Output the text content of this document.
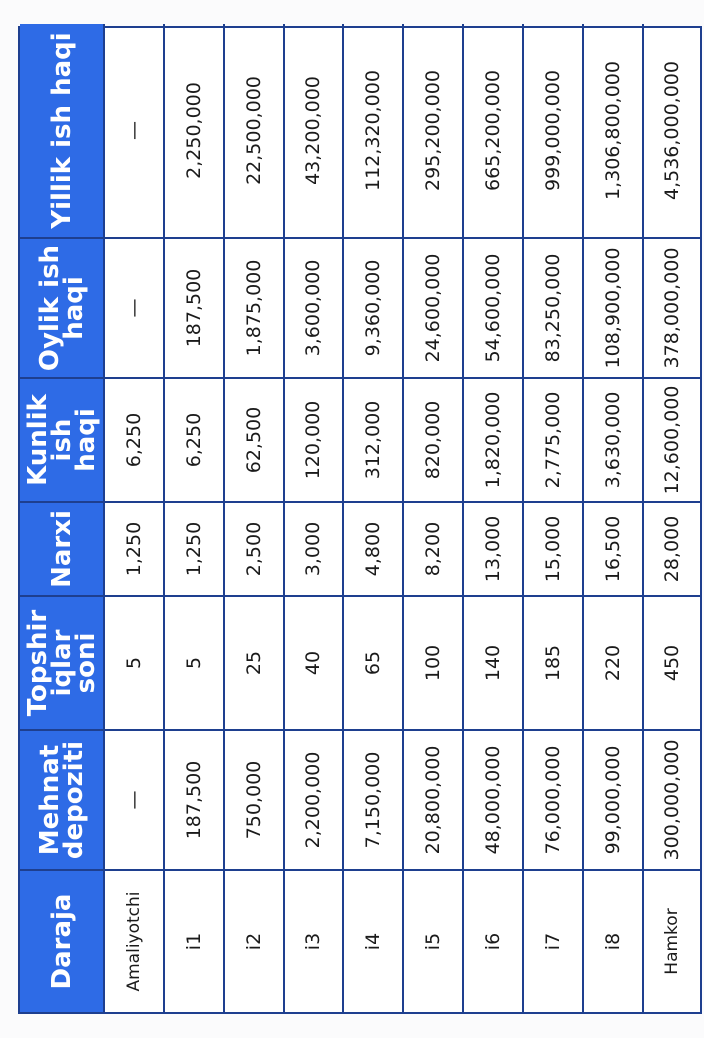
Daraja	Mehnat depoziti	Topshir iqlar soni	Narxi	Kunlik ish haqi	Oylik ish haqi	Yillik ish haqi
Amaliyotchi	—	5	1,250	6,250	—	—
i1	187,500	5	1,250	6,250	187,500	2,250,000
i2	750,000	25	2,500	62,500	1,875,000	22,500,000
i3	2,200,000	40	3,000	120,000	3,600,000	43,200,000
i4	7,150,000	65	4,800	312,000	9,360,000	112,320,000
i5	20,800,000	100	8,200	820,000	24,600,000	295,200,000
i6	48,000,000	140	13,000	1,820,000	54,600,000	665,200,000
i7	76,000,000	185	15,000	2,775,000	83,250,000	999,000,000
i8	99,000,000	220	16,500	3,630,000	108,900,000	1,306,800,000
Hamkor	300,000,000	450	28,000	12,600,000	378,000,000	4,536,000,000
